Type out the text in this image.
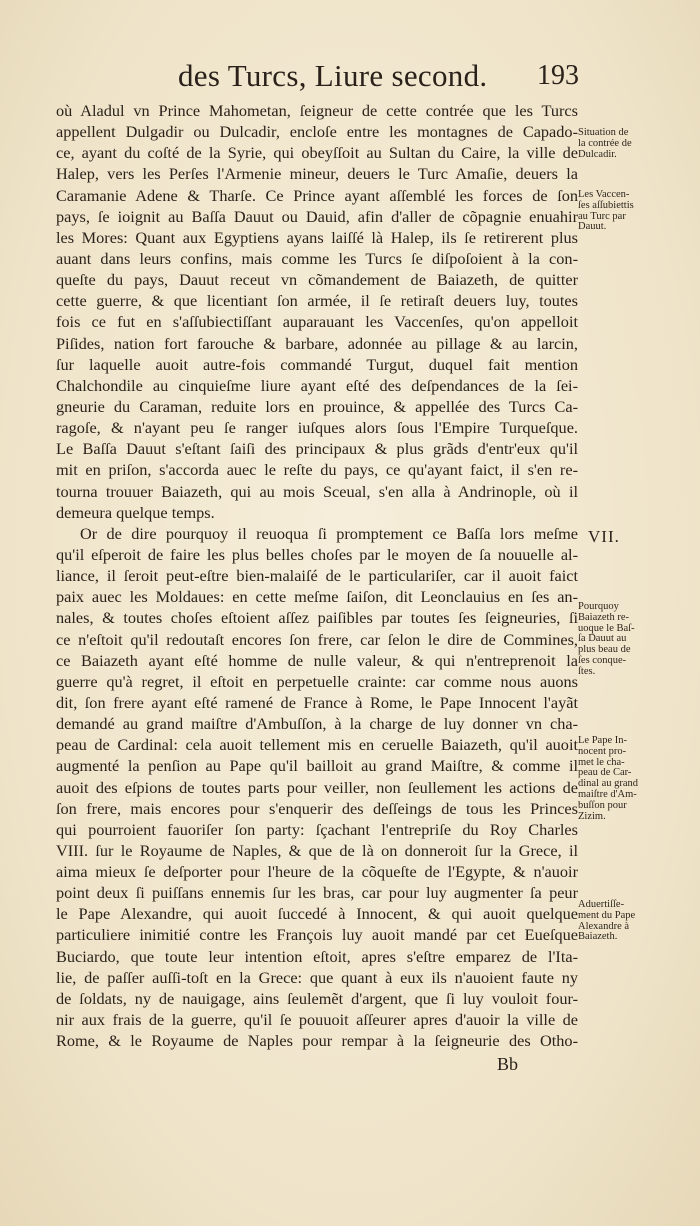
des Turcs, Liure second. 193
où Aladul vn Prince Mahometan, ſeigneur de cette contrée que les Turcs
appellent Dulgadir ou Dulcadir, encloſe entre les montagnes de Capado-
ce, ayant du coſté de la Syrie, qui obeyſſoit au Sultan du Caire, la ville de
Halep, vers les Perſes l'Armenie mineur, deuers le Turc Amaſie, deuers la
Caramanie Adene & Tharſe. Ce Prince ayant aſſemblé les forces de ſon
pays, ſe ioignit au Baſſa Dauut ou Dauid, afin d'aller de cõpagnie enuahir
les Mores: Quant aux Egyptiens ayans laiſſé là Halep, ils ſe retirerent plus
auant dans leurs confins, mais comme les Turcs ſe diſpoſoient à la con-
queſte du pays, Dauut receut vn cõmandement de Baiazeth, de quitter
cette guerre, & que licentiant ſon armée, il ſe retiraſt deuers luy, toutes
fois ce fut en s'aſſubiectiſſant auparauant les Vaccenſes, qu'on appelloit
Piſides, nation fort farouche & barbare, adonnée au pillage & au larcin,
ſur laquelle auoit autre-fois commandé Turgut, duquel fait mention
Chalchondile au cinquieſme liure ayant eſté des deſpendances de la ſei-
gneurie du Caraman, reduite lors en prouince, & appellée des Turcs Ca-
ragoſe, & n'ayant peu ſe ranger iuſques alors ſous l'Empire Turqueſque.
Le Baſſa Dauut s'eſtant ſaiſi des principaux & plus grãds d'entr'eux qu'il
mit en priſon, s'accorda auec le reſte du pays, ce qu'ayant faict, il s'en re-
tourna trouuer Baiazeth, qui au mois Sceual, s'en alla à Andrinople, où il
demeura quelque temps.
Or de dire pourquoy il reuoqua ſi promptement ce Baſſa lors meſme
qu'il eſperoit de faire les plus belles choſes par le moyen de ſa nouuelle al-
liance, il ſeroit peut-eſtre bien-malaiſé de le particulariſer, car il auoit faict
paix auec les Moldaues: en cette meſme ſaiſon, dit Leonclauius en ſes an-
nales, & toutes choſes eſtoient aſſez paiſibles par toutes ſes ſeigneuries, ſi
ce n'eſtoit qu'il redoutaſt encores ſon frere, car ſelon le dire de Commines,
ce Baiazeth ayant eſté homme de nulle valeur, & qui n'entreprenoit la
guerre qu'à regret, il eſtoit en perpetuelle crainte: car comme nous auons
dit, ſon frere ayant eſté ramené de France à Rome, le Pape Innocent l'ayãt
demandé au grand maiſtre d'Ambuſſon, à la charge de luy donner vn cha-
peau de Cardinal: cela auoit tellement mis en ceruelle Baiazeth, qu'il auoit
augmenté la penſion au Pape qu'il bailloit au grand Maiſtre, & comme il
auoit des eſpions de toutes parts pour veiller, non ſeullement les actions de
ſon frere, mais encores pour s'enquerir des deſſeings de tous les Princes
qui pourroient fauoriſer ſon party: ſçachant l'entrepriſe du Roy Charles
VIII. ſur le Royaume de Naples, & que de là on donneroit ſur la Grece, il
aima mieux ſe deſporter pour l'heure de la cõqueſte de l'Egypte, & n'auoir
point deux ſi puiſſans ennemis ſur les bras, car pour luy augmenter ſa peur
le Pape Alexandre, qui auoit ſuccedé à Innocent, & qui auoit quelque
particuliere inimitié contre les François luy auoit mandé par cet Eueſque
Buciardo, que toute leur intention eſtoit, apres s'eſtre emparez de l'Ita-
lie, de paſſer auſſi-toſt en la Grece: que quant à eux ils n'auoient faute ny
de ſoldats, ny de nauigage, ains ſeulemẽt d'argent, que ſi luy vouloit four-
nir aux frais de la guerre, qu'il ſe pouuoit aſſeurer apres d'auoir la ville de
Rome, & le Royaume de Naples pour rempar à la ſeigneurie des Otho-
VII.
Situation de
la contrée de
Dulcadir.
Les Vaccen-
ſes aſſubiettis
au Turc par
Dauut.
Pourquoy
Baiazeth re-
uoque le Baſ-
ſa Dauut au
plus beau de
ſes conque-
ſtes.
Le Pape In-
nocent pro-
met le cha-
peau de Car-
dinal au grand
maiſtre d'Am-
buſſon pour
Zizim.
Aduertiſſe-
ment du Pape
Alexandre à
Baiazeth.
Bb
